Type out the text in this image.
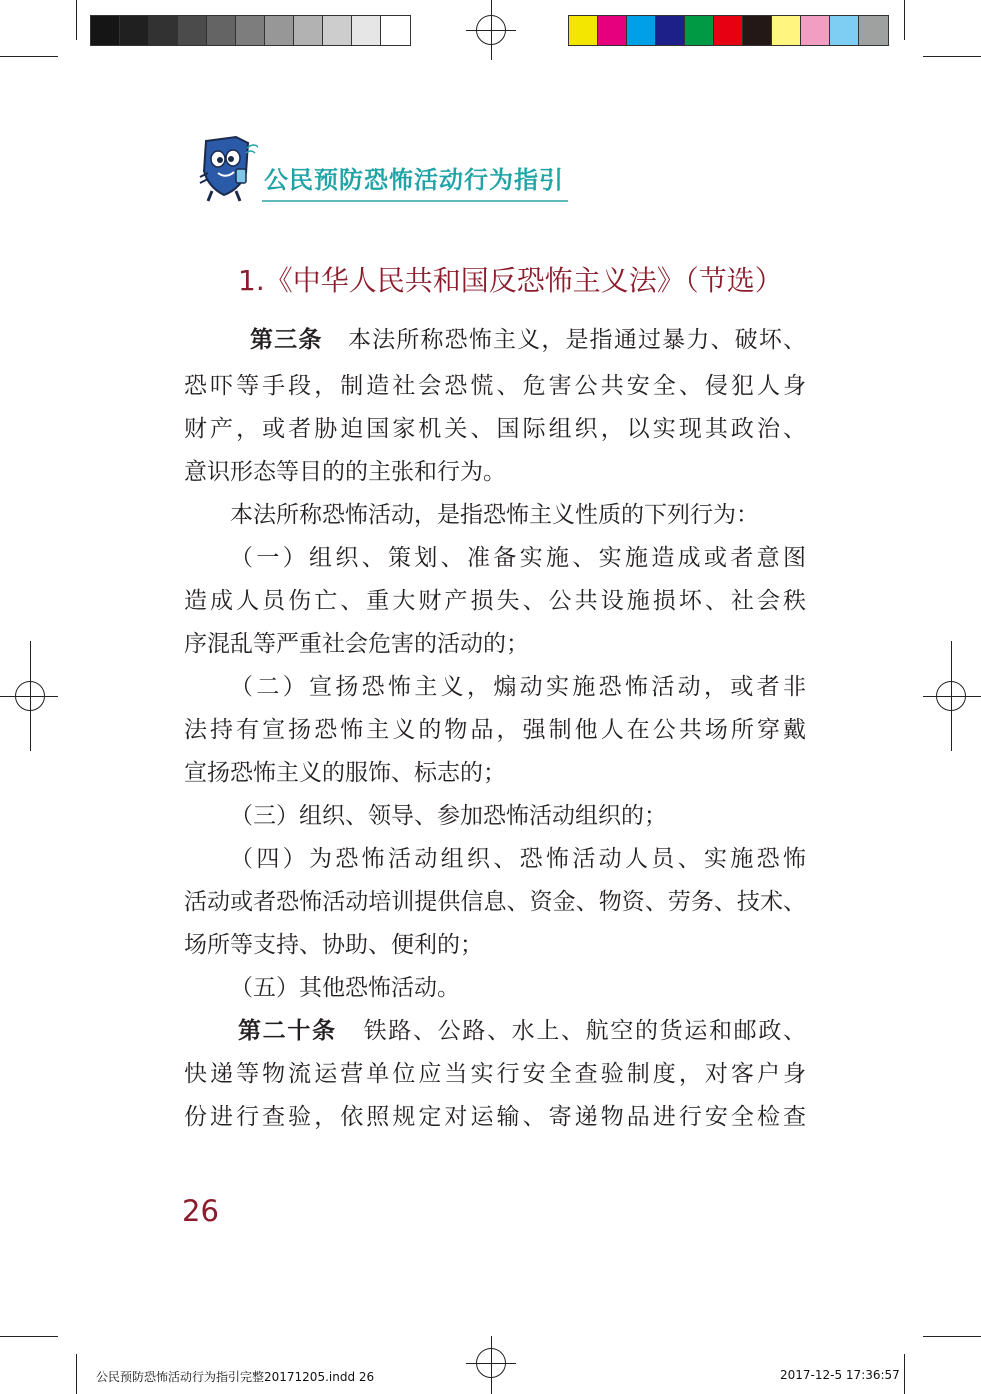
公民预防恐怖活动行为指引
1.《中华人民共和国反恐怖主义法》（节选）

第三条 本法所称恐怖主义，是指通过暴力、破坏、

恐吓等手段，制造社会恐慌、危害公共安全、侵犯人身

财产，或者胁迫国家机关、国际组织，以实现其政治、

意识形态等目的的主张和行为。

本法所称恐怖活动，是指恐怖主义性质的下列行为：

（一）组织、策划、准备实施、实施造成或者意图

造成人员伤亡、重大财产损失、公共设施损坏、社会秩

序混乱等严重社会危害的活动的；

（二）宣扬恐怖主义，煽动实施恐怖活动，或者非

法持有宣扬恐怖主义的物品，强制他人在公共场所穿戴

宣扬恐怖主义的服饰、标志的；

（三）组织、领导、参加恐怖活动组织的；

（四）为恐怖活动组织、恐怖活动人员、实施恐怖

活动或者恐怖活动培训提供信息、资金、物资、劳务、技术、

场所等支持、协助、便利的；

（五）其他恐怖活动。

第二十条 铁路、公路、水上、航空的货运和邮政、

快递等物流运营单位应当实行安全查验制度，对客户身

份进行查验，依照规定对运输、寄递物品进行安全检查

26
公民预防恐怖活动行为指引完整20171205.indd 26	2017-12-5 17:36:57
